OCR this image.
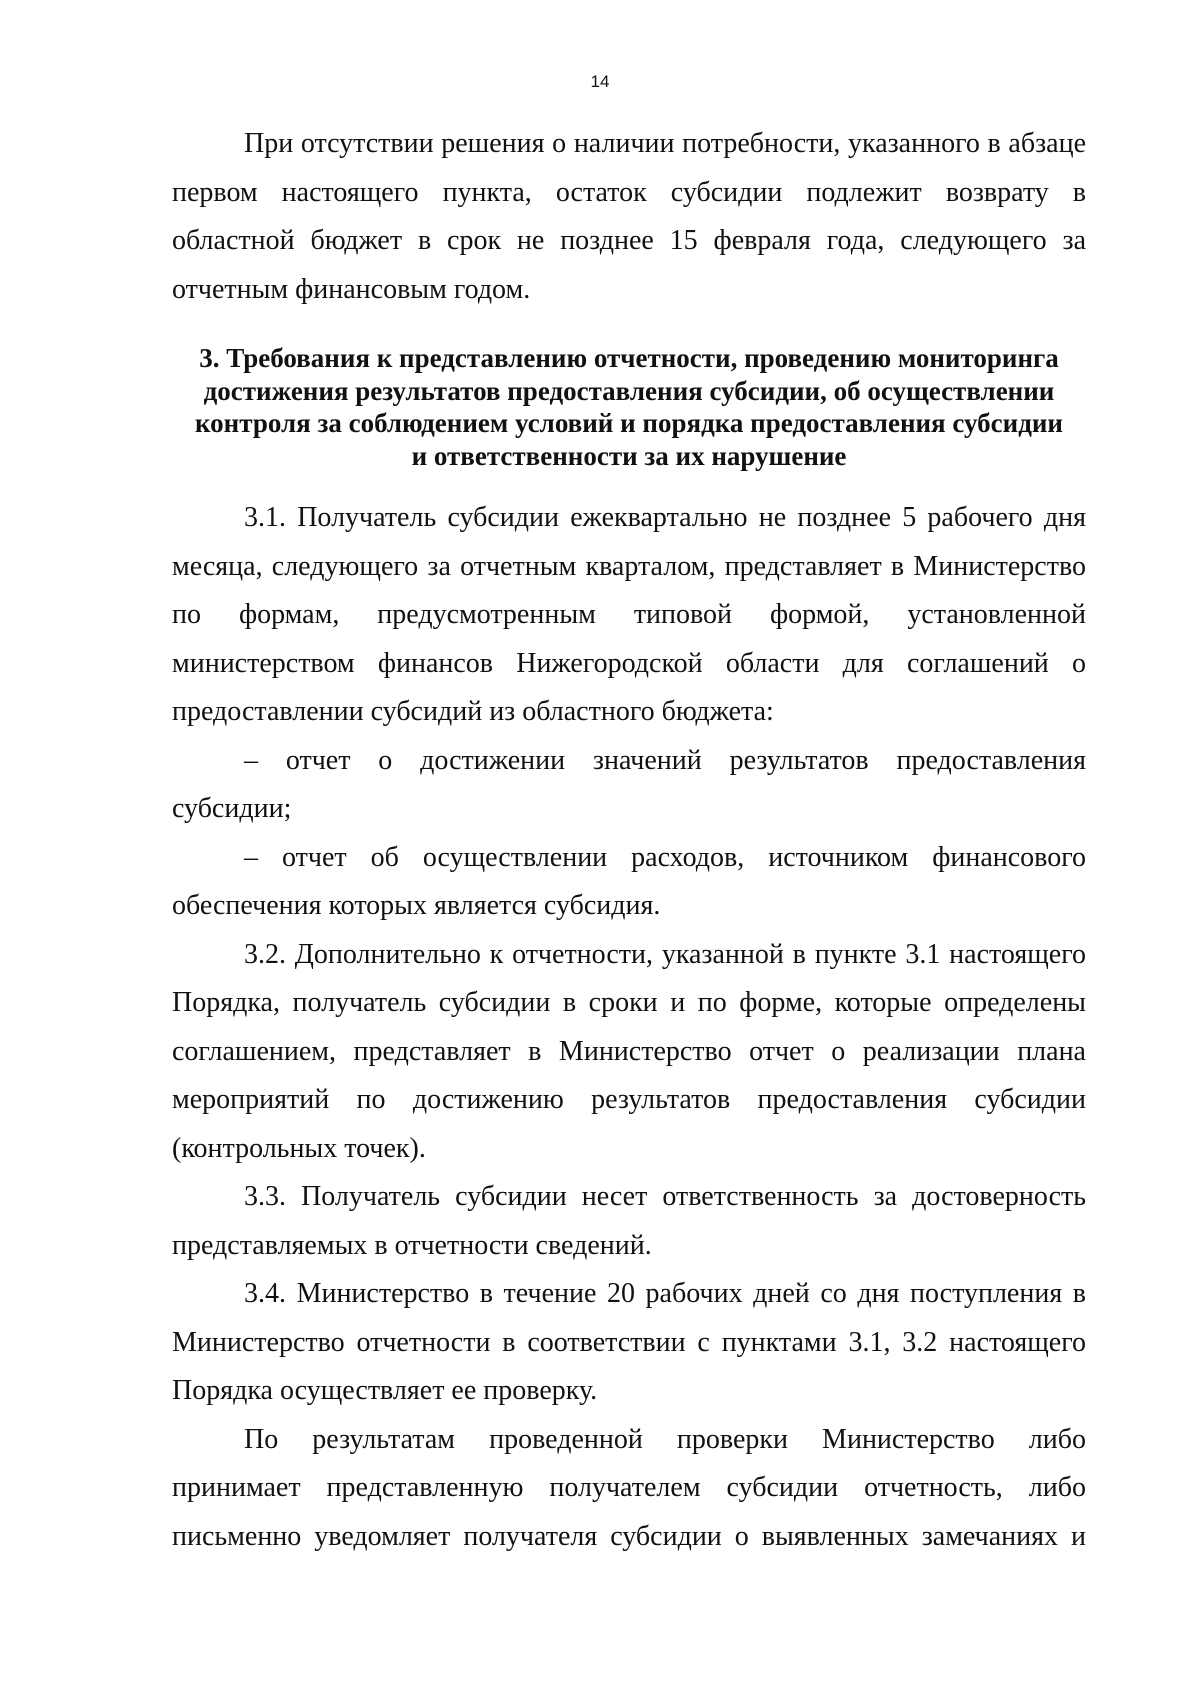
14

При отсутствии решения о наличии потребности, указанного в абзаце первом настоящего пункта, остаток субсидии подлежит возврату в областной бюджет в срок не позднее 15 февраля года, следующего за отчетным финансовым годом.

3. Требования к представлению отчетности, проведению мониторинга
достижения результатов предоставления субсидии, об осуществлении
контроля за соблюдением условий и порядка предоставления субсидии
и ответственности за их нарушение

3.1. Получатель субсидии ежеквартально не позднее 5 рабочего дня месяца, следующего за отчетным кварталом, представляет в Министерство по формам, предусмотренным типовой формой, установленной министерством финансов Нижегородской области для соглашений о предоставлении субсидий из областного бюджета:

– отчет о достижении значений результатов предоставления субсидии;

– отчет об осуществлении расходов, источником финансового обеспечения которых является субсидия.

3.2. Дополнительно к отчетности, указанной в пункте 3.1 настоящего Порядка, получатель субсидии в сроки и по форме, которые определены соглашением, представляет в Министерство отчет о реализации плана мероприятий по достижению результатов предоставления субсидии (контрольных точек).

3.3. Получатель субсидии несет ответственность за достоверность представляемых в отчетности сведений.

3.4. Министерство в течение 20 рабочих дней со дня поступления в Министерство отчетности в соответствии с пунктами 3.1, 3.2 настоящего Порядка осуществляет ее проверку.

По результатам проведенной проверки Министерство либо принимает представленную получателем субсидии отчетность, либо письменно уведомляет получателя субсидии о выявленных замечаниях и
